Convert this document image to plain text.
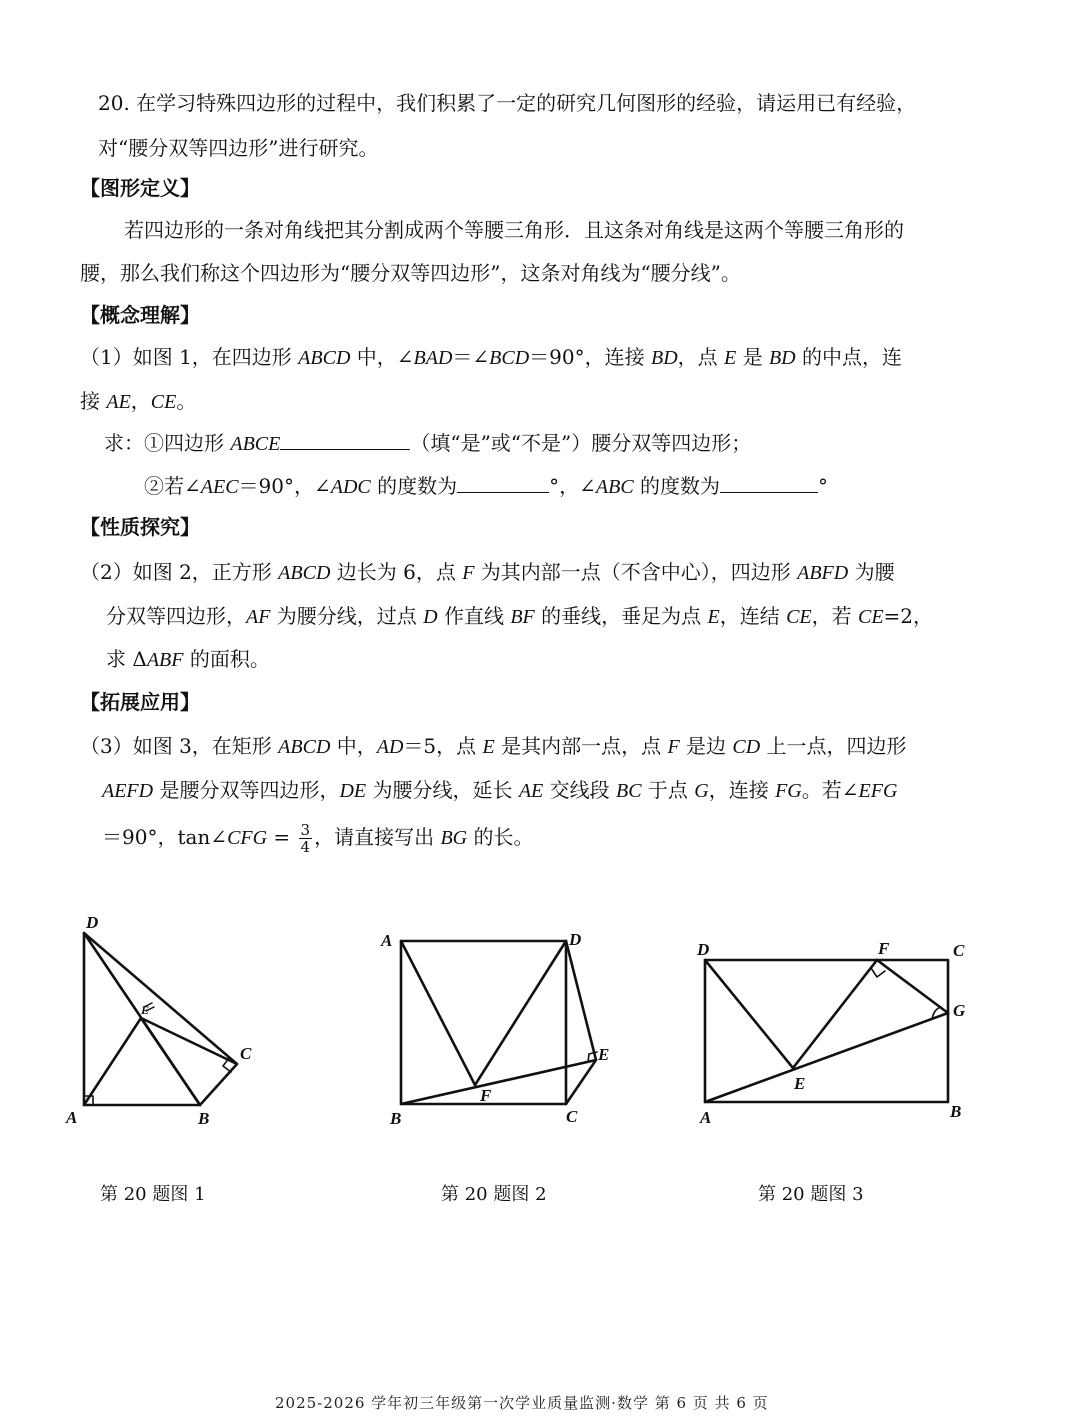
20. 在学习特殊四边形的过程中，我们积累了一定的研究几何图形的经验，请运用已有经验，
对“腰分双等四边形”进行研究。
【图形定义】
若四边形的一条对角线把其分割成两个等腰三角形．且这条对角线是这两个等腰三角形的
腰，那么我们称这个四边形为“腰分双等四边形”，这条对角线为“腰分线”。
【概念理解】
（1）如图 1，在四边形 ABCD 中，∠BAD＝∠BCD＝90°，连接 BD，点 E 是 BD 的中点，连
接 AE，CE。
求：①四边形 ABCE	（填“是”或“不是”）腰分双等四边形；
②若∠AEC＝90°，∠ADC 的度数为	°，∠ABC 的度数为	°
【性质探究】
（2）如图 2，正方形 ABCD 边长为 6，点 F 为其内部一点（不含中心），四边形 ABFD 为腰
分双等四边形，AF 为腰分线，过点 D 作直线 BF 的垂线，垂足为点 E，连结 CE，若 CE=2，
求 ΔABF 的面积。
【拓展应用】
（3）如图 3，在矩形 ABCD 中，AD＝5，点 E 是其内部一点，点 F 是边 CD 上一点，四边形
AEFD 是腰分双等四边形，DE 为腰分线，延长 AE 交线段 BC 于点 G，连接 FG。若∠EFG
＝90°，tan∠CFG = $\frac{3}{4}$ ，请直接写出 BG 的长。
D
A	B
C
E
A	D
B	C
E
F
D	F	C
G
E
A	B
第 20 题图 1	第 20 题图 2	第 20 题图 3
2025-2026 学年初三年级第一次学业质量监测·数学 第 6 页 共 6 页
